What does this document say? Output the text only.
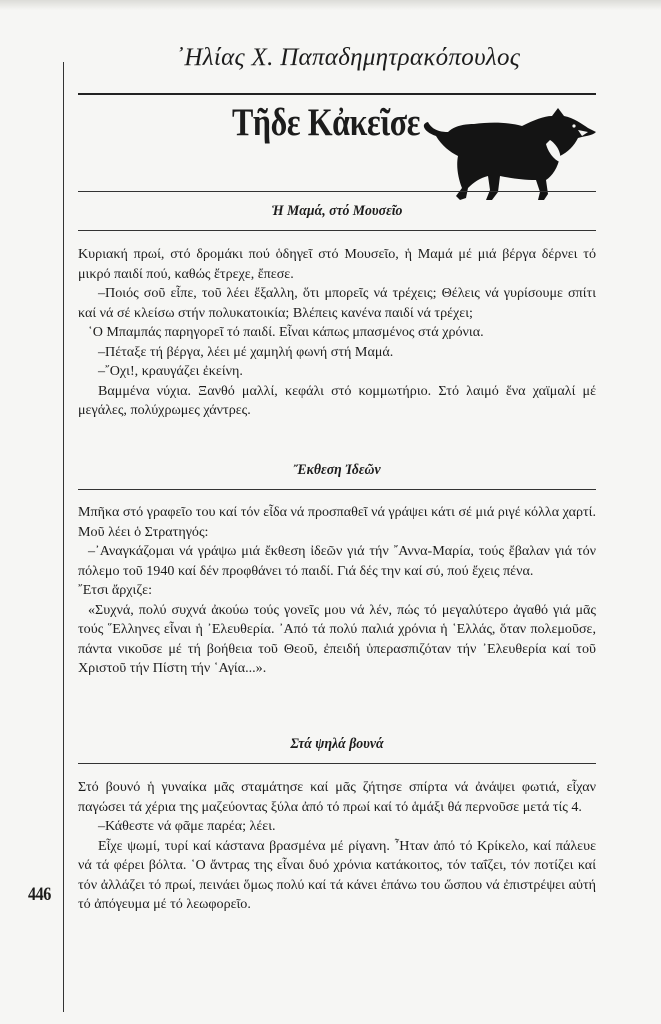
446
᾿Ηλίας Χ. Παπαδημητρακόπουλος
Τῆδε Κἀκεῖσε
Ἡ Μαμά, στό Μουσεῖο

Κυριακή πρωί, στό δρομάκι πού ὁδηγεῖ στό Μουσεῖο, ἡ Μαμά μέ μιά βέργα δέρνει τό μικρό παιδί πού, καθώς ἔτρεχε, ἔπεσε.

–Ποιός σοῦ εἶπε, τοῦ λέει ἔξαλλη, ὅτι μπορεῖς νά τρέχεις; Θέλεις νά γυρίσουμε σπίτι καί νά σέ κλείσω στήν πολυκατοικία; Βλέπεις κανένα παιδί νά τρέχει;

῾Ο Μπαμπάς παρηγορεῖ τό παιδί. Εἶναι κάπως μπασμένος στά χρόνια.

–Πέταξε τή βέργα, λέει μέ χαμηλή φωνή στή Μαμά.

–῎Οχι!, κραυγάζει ἐκείνη.

Βαμμένα νύχια. Ξανθό μαλλί, κεφάλι στό κομμωτήριο. Στό λαιμό ἕνα χαϊμαλί μέ μεγάλες, πολύχρωμες χάντρες.

Ἔκθεση Ἰδεῶν

Μπῆκα στό γραφεῖο του καί τόν εἶδα νά προσπαθεῖ νά γράψει κάτι σέ μιά ριγέ κόλλα χαρτί. Μοῦ λέει ὁ Στρατηγός:

–᾿Αναγκάζομαι νά γράψω μιά ἔκθεση ἰδεῶν γιά τήν ῎Αννα-Μαρία, τούς ἔβαλαν γιά τόν πόλεμο τοῦ 1940 καί δέν προφθάνει τό παιδί. Γιά δές την καί σύ, πού ἔχεις πένα.

῎Ετσι ἄρχιζε:

«Συχνά, πολύ συχνά ἀκούω τούς γονεῖς μου νά λέν, πώς τό μεγαλύτερο ἀγαθό γιά μᾶς τούς ῞Ελληνες εἶναι ἡ ᾿Ελευθερία. ᾿Από τά πολύ παλιά χρόνια ἡ ῾Ελλάς, ὅταν πολεμοῦσε, πάντα νικοῦσε μέ τή βοήθεια τοῦ Θεοῦ, ἐπειδή ὑπερασπιζόταν τήν ᾿Ελευθερία καί τοῦ Χριστοῦ τήν Πίστη τήν ῾Αγία...».

Στά ψηλά βουνά

Στό βουνό ἡ γυναίκα μᾶς σταμάτησε καί μᾶς ζήτησε σπίρτα νά ἀνάψει φωτιά, εἶχαν παγώσει τά χέρια της μαζεύοντας ξύλα ἀπό τό πρωί καί τό ἁμάξι θά περνοῦσε μετά τίς 4.

–Κάθεστε νά φᾶμε παρέα; λέει.

Εἶχε ψωμί, τυρί καί κάστανα βρασμένα μέ ρίγανη. ῏Ηταν ἀπό τό Κρίκελο, καί πάλευε νά τά φέρει βόλτα. ῾Ο ἄντρας της εἶναι δυό χρόνια κατάκοιτος, τόν ταΐζει, τόν ποτίζει καί τόν ἀλλάζει τό πρωί, πεινάει ὅμως πολύ καί τά κάνει ἐπάνω του ὥσπου νά ἐπιστρέψει αὐτή τό ἀπόγευμα μέ τό λεωφορεῖο.
